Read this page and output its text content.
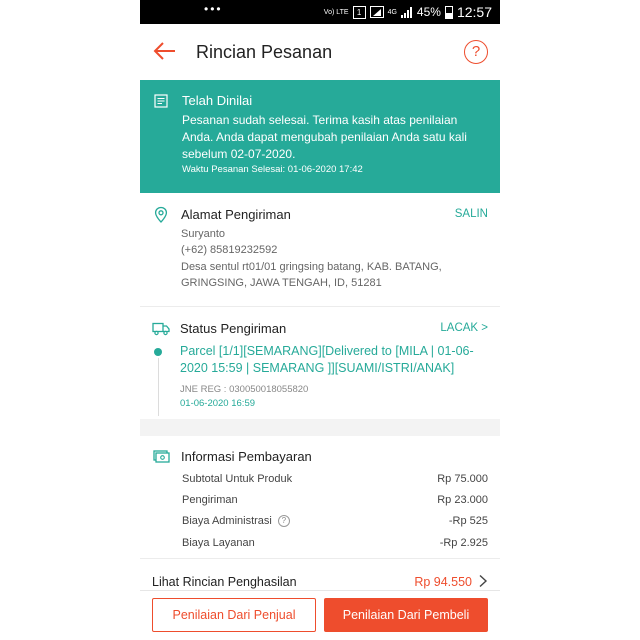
•••	Vo) LTE	1	4G 45% 12:57
Rincian Pesanan	?
Telah Dinilai
Pesanan sudah selesai. Terima kasih atas penilaian Anda. Anda dapat mengubah penilaian Anda satu kali sebelum 02-07-2020.
Waktu Pesanan Selesai: 01-06-2020 17:42
Alamat Pengiriman	SALIN
Suryanto
(+62) 85819232592
Desa sentul rt01/01 gringsing batang, KAB. BATANG,
GRINGSING, JAWA TENGAH, ID, 51281
Status Pengiriman	LACAK >
Parcel [1/1][SEMARANG][Delivered to [MILA | 01-06-2020 15:59 | SEMARANG ]][SUAMI/ISTRI/ANAK]
JNE REG : 030050018055820
01-06-2020 16:59
Informasi Pembayaran
Subtotal Untuk Produk	Rp 75.000
Pengiriman	Rp 23.000
Biaya Administrasi ?	-Rp 525
Biaya Layanan	-Rp 2.925
Lihat Rincian Penghasilan	Rp 94.550
Penilaian Dari Penjual	Penilaian Dari Pembeli
